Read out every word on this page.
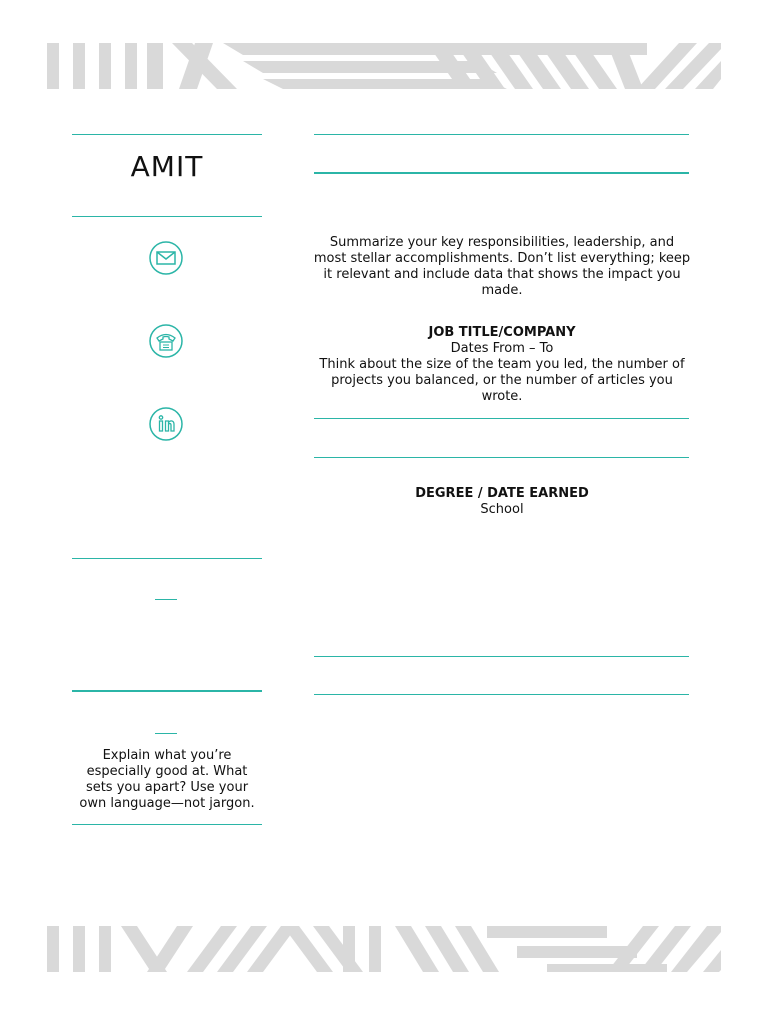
AMIT
Explain what you’re especially good at. What sets you apart? Use your own language—not jargon.
Summarize your key responsibilities, leadership, and most stellar accomplishments. Don’t list everything; keep it relevant and include data that shows the impact you made.
JOB TITLE/COMPANY
Dates From – To
Think about the size of the team you led, the number of projects you balanced, or the number of articles you wrote.
DEGREE / DATE EARNED
School
